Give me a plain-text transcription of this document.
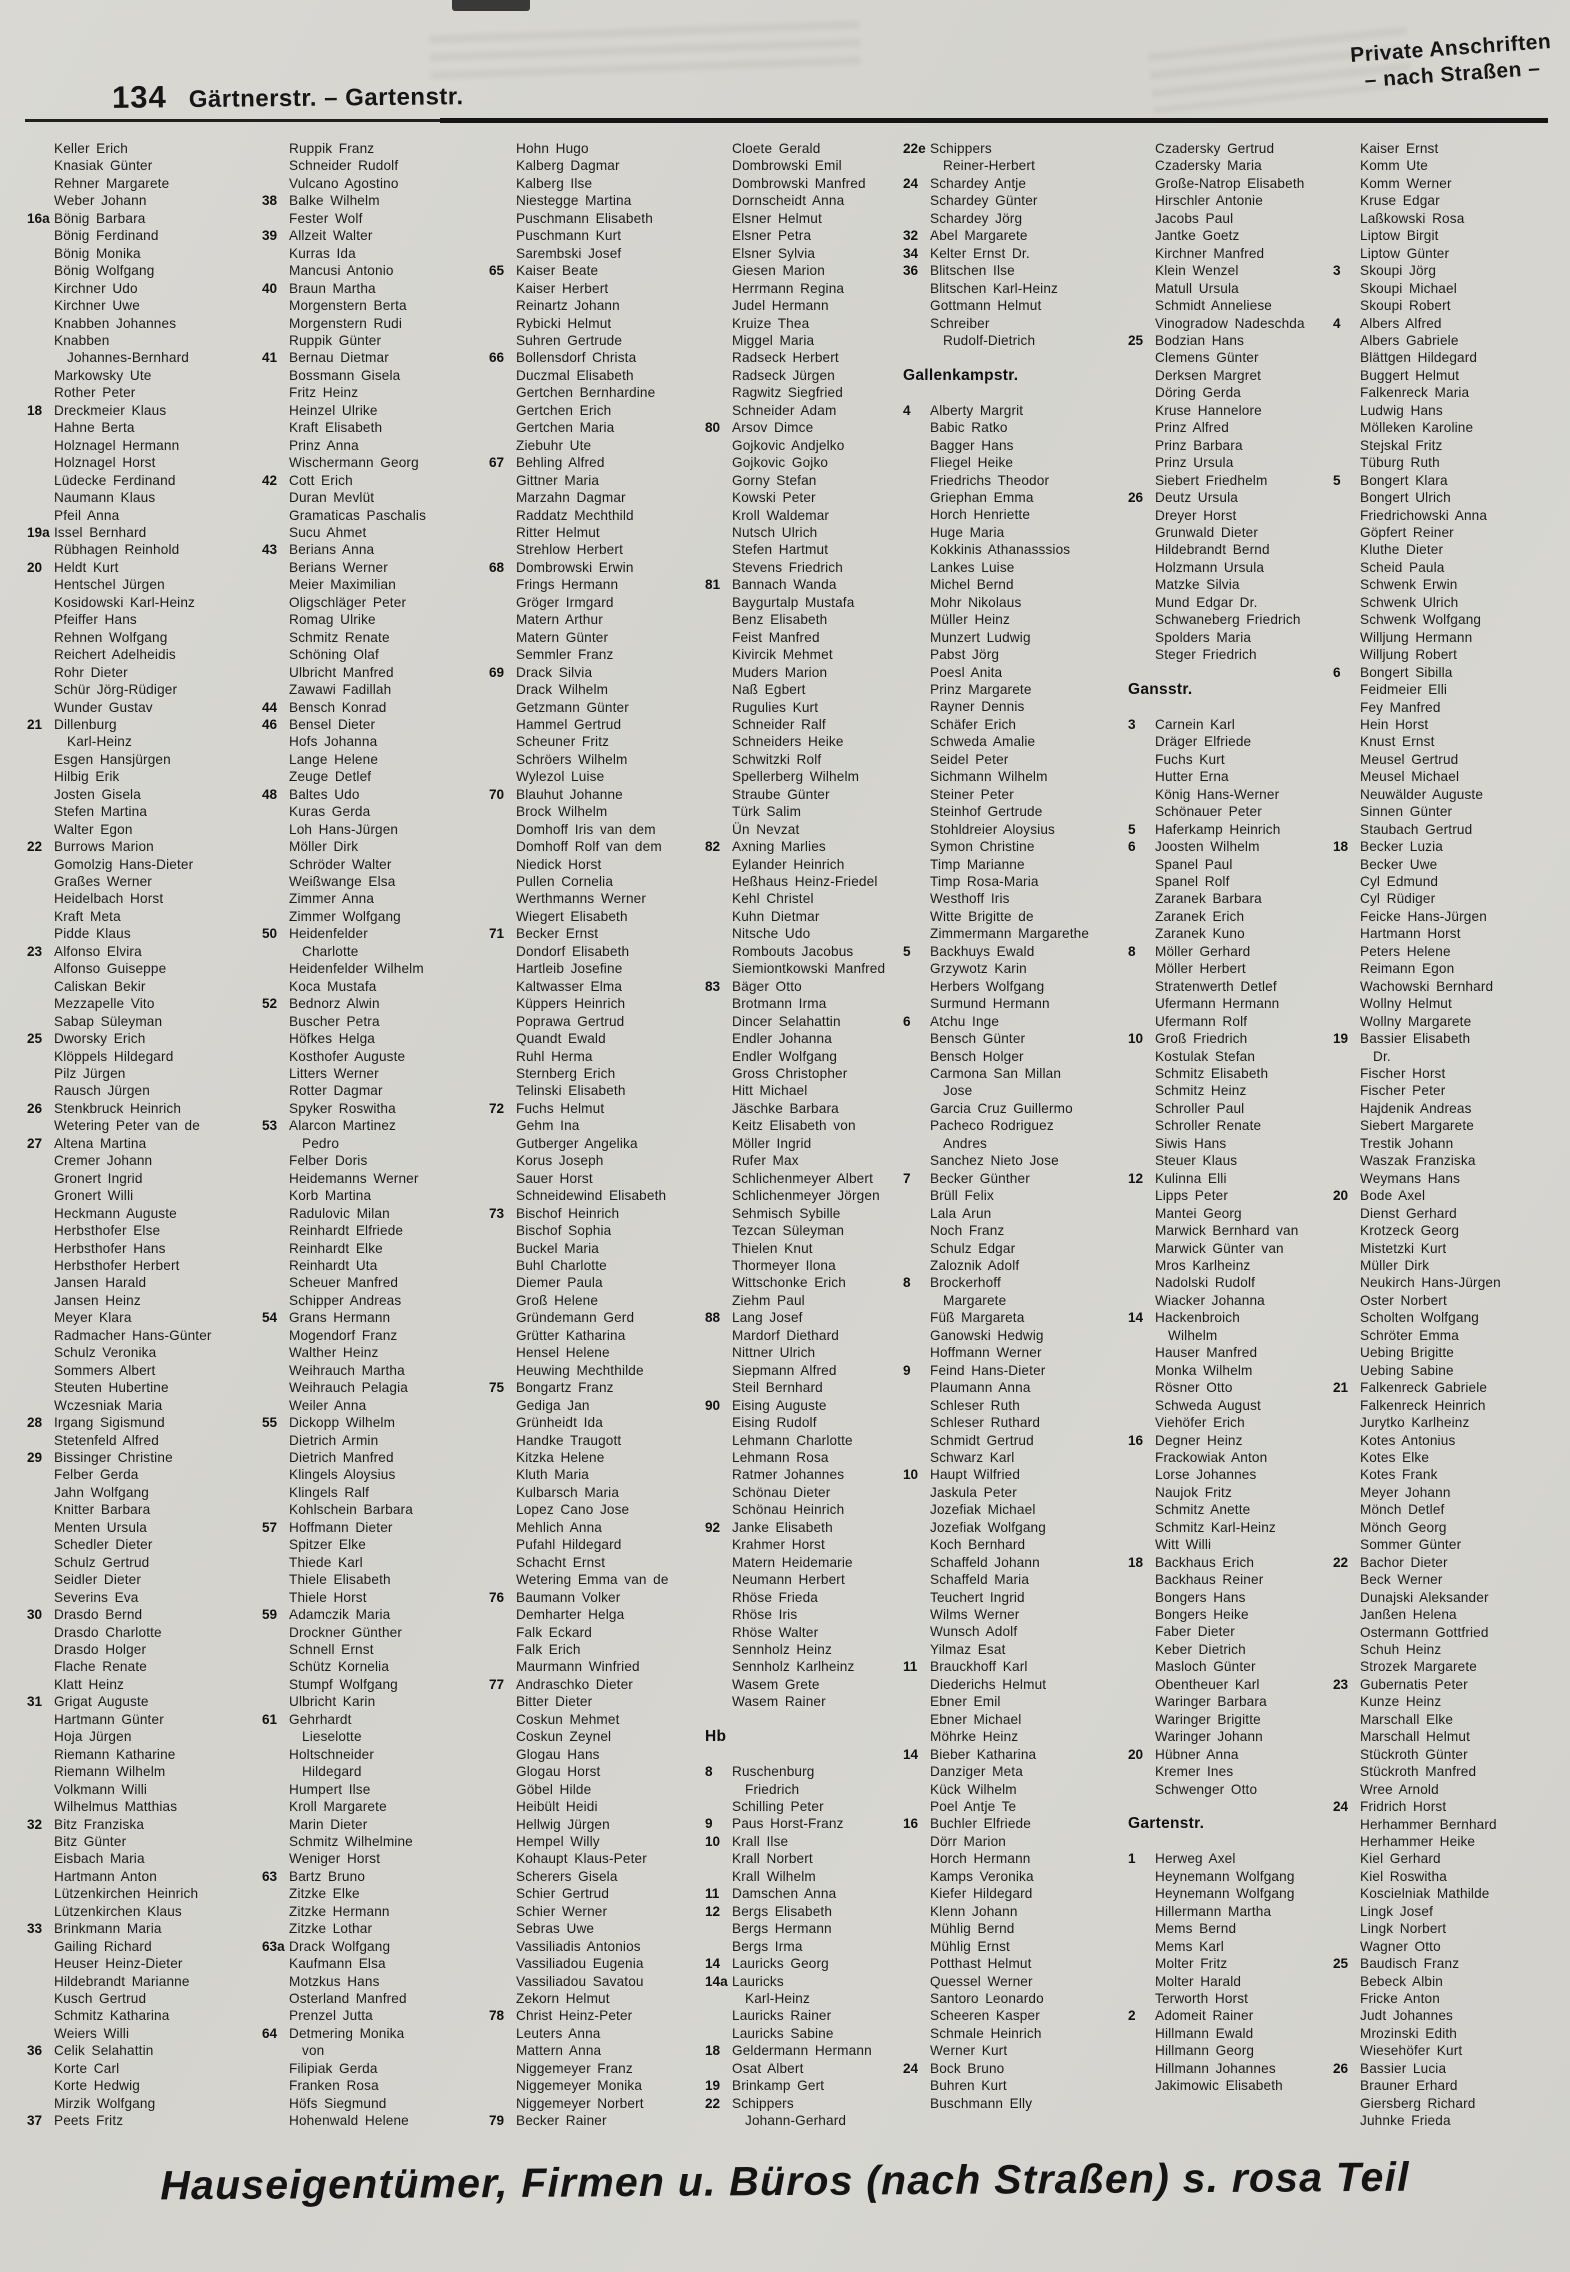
134 Gärtnerstr. – Gartenstr.
Private Anschriften
– nach Straßen –
Keller Erich
Knasiak Günter
Rehner Margarete
Weber Johann
16a Bönig Barbara
Bönig Ferdinand
Bönig Monika
Bönig Wolfgang
Kirchner Udo
Kirchner Uwe
Knabben Johannes
Knabben
Johannes-Bernhard
Markowsky Ute
Rother Peter
18 Dreckmeier Klaus
Hahne Berta
Holznagel Hermann
Holznagel Horst
Lüdecke Ferdinand
Naumann Klaus
Pfeil Anna
19a Issel Bernhard
Rübhagen Reinhold
20 Heldt Kurt
Hentschel Jürgen
Kosidowski Karl-Heinz
Pfeiffer Hans
Rehnen Wolfgang
Reichert Adelheidis
Rohr Dieter
Schür Jörg-Rüdiger
Wunder Gustav
21 Dillenburg
Karl-Heinz
Esgen Hansjürgen
Hilbig Erik
Josten Gisela
Stefen Martina
Walter Egon
22 Burrows Marion
Gomolzig Hans-Dieter
Graßes Werner
Heidelbach Horst
Kraft Meta
Pidde Klaus
23 Alfonso Elvira
Alfonso Guiseppe
Caliskan Bekir
Mezzapelle Vito
Sabap Süleyman
25 Dworsky Erich
Klöppels Hildegard
Pilz Jürgen
Rausch Jürgen
26 Stenkbruck Heinrich
Wetering Peter van de
27 Altena Martina
Cremer Johann
Gronert Ingrid
Gronert Willi
Heckmann Auguste
Herbsthofer Else
Herbsthofer Hans
Herbsthofer Herbert
Jansen Harald
Jansen Heinz
Meyer Klara
Radmacher Hans-Günter
Schulz Veronika
Sommers Albert
Steuten Hubertine
Wczesniak Maria
28 Irgang Sigismund
Stetenfeld Alfred
29 Bissinger Christine
Felber Gerda
Jahn Wolfgang
Knitter Barbara
Menten Ursula
Schedler Dieter
Schulz Gertrud
Seidler Dieter
Severins Eva
30 Drasdo Bernd
Drasdo Charlotte
Drasdo Holger
Flache Renate
Klatt Heinz
31 Grigat Auguste
Hartmann Günter
Hoja Jürgen
Riemann Katharine
Riemann Wilhelm
Volkmann Willi
Wilhelmus Matthias
32 Bitz Franziska
Bitz Günter
Eisbach Maria
Hartmann Anton
Lützenkirchen Heinrich
Lützenkirchen Klaus
33 Brinkmann Maria
Gailing Richard
Heuser Heinz-Dieter
Hildebrandt Marianne
Kusch Gertrud
Schmitz Katharina
Weiers Willi
36 Celik Selahattin
Korte Carl
Korte Hedwig
Mirzik Wolfgang
37 Peets Fritz
Ruppik Franz
Schneider Rudolf
Vulcano Agostino
38 Balke Wilhelm
Fester Wolf
39 Allzeit Walter
Kurras Ida
Mancusi Antonio
40 Braun Martha
Morgenstern Berta
Morgenstern Rudi
Ruppik Günter
41 Bernau Dietmar
Bossmann Gisela
Fritz Heinz
Heinzel Ulrike
Kraft Elisabeth
Prinz Anna
Wischermann Georg
42 Cott Erich
Duran Mevlüt
Gramaticas Paschalis
Sucu Ahmet
43 Berians Anna
Berians Werner
Meier Maximilian
Oligschläger Peter
Romag Ulrike
Schmitz Renate
Schöning Olaf
Ulbricht Manfred
Zawawi Fadillah
44 Bensch Konrad
46 Bensel Dieter
Hofs Johanna
Lange Helene
Zeuge Detlef
48 Baltes Udo
Kuras Gerda
Loh Hans-Jürgen
Möller Dirk
Schröder Walter
Weißwange Elsa
Zimmer Anna
Zimmer Wolfgang
50 Heidenfelder
Charlotte
Heidenfelder Wilhelm
Koca Mustafa
52 Bednorz Alwin
Buscher Petra
Höfkes Helga
Kosthofer Auguste
Litters Werner
Rotter Dagmar
Spyker Roswitha
53 Alarcon Martinez
Pedro
Felber Doris
Heidemanns Werner
Korb Martina
Radulovic Milan
Reinhardt Elfriede
Reinhardt Elke
Reinhardt Uta
Scheuer Manfred
Schipper Andreas
54 Grans Hermann
Mogendorf Franz
Walther Heinz
Weihrauch Martha
Weihrauch Pelagia
Weiler Anna
55 Dickopp Wilhelm
Dietrich Armin
Dietrich Manfred
Klingels Aloysius
Klingels Ralf
Kohlschein Barbara
57 Hoffmann Dieter
Spitzer Elke
Thiede Karl
Thiele Elisabeth
Thiele Horst
59 Adamczik Maria
Drockner Günther
Schnell Ernst
Schütz Kornelia
Stumpf Wolfgang
Ulbricht Karin
61 Gehrhardt
Lieselotte
Holtschneider
Hildegard
Humpert Ilse
Kroll Margarete
Marin Dieter
Schmitz Wilhelmine
Weniger Horst
63 Bartz Bruno
Zitzke Elke
Zitzke Hermann
Zitzke Lothar
63a Drack Wolfgang
Kaufmann Elsa
Motzkus Hans
Osterland Manfred
Prenzel Jutta
64 Detmering Monika
von
Filipiak Gerda
Franken Rosa
Höfs Siegmund
Hohenwald Helene
Hohn Hugo
Kalberg Dagmar
Kalberg Ilse
Niestegge Martina
Puschmann Elisabeth
Puschmann Kurt
Sarembski Josef
65 Kaiser Beate
Kaiser Herbert
Reinartz Johann
Rybicki Helmut
Suhren Gertrude
66 Bollensdorf Christa
Duczmal Elisabeth
Gertchen Bernhardine
Gertchen Erich
Gertchen Maria
Ziebuhr Ute
67 Behling Alfred
Gittner Maria
Marzahn Dagmar
Raddatz Mechthild
Ritter Helmut
Strehlow Herbert
68 Dombrowski Erwin
Frings Hermann
Gröger Irmgard
Matern Arthur
Matern Günter
Semmler Franz
69 Drack Silvia
Drack Wilhelm
Getzmann Günter
Hammel Gertrud
Scheuner Fritz
Schröers Wilhelm
Wylezol Luise
70 Blauhut Johanne
Brock Wilhelm
Domhoff Iris van dem
Domhoff Rolf van dem
Niedick Horst
Pullen Cornelia
Werthmanns Werner
Wiegert Elisabeth
71 Becker Ernst
Dondorf Elisabeth
Hartleib Josefine
Kaltwasser Elma
Küppers Heinrich
Poprawa Gertrud
Quandt Ewald
Ruhl Herma
Sternberg Erich
Telinski Elisabeth
72 Fuchs Helmut
Gehm Ina
Gutberger Angelika
Korus Joseph
Sauer Horst
Schneidewind Elisabeth
73 Bischof Heinrich
Bischof Sophia
Buckel Maria
Buhl Charlotte
Diemer Paula
Groß Helene
Gründemann Gerd
Grütter Katharina
Hensel Helene
Heuwing Mechthilde
75 Bongartz Franz
Gediga Jan
Grünheidt Ida
Handke Traugott
Kitzka Helene
Kluth Maria
Kulbarsch Maria
Lopez Cano Jose
Mehlich Anna
Pufahl Hildegard
Schacht Ernst
Wetering Emma van de
76 Baumann Volker
Demharter Helga
Falk Eckard
Falk Erich
Maurmann Winfried
77 Andraschko Dieter
Bitter Dieter
Coskun Mehmet
Coskun Zeynel
Glogau Hans
Glogau Horst
Göbel Hilde
Heibült Heidi
Hellwig Jürgen
Hempel Willy
Kohaupt Klaus-Peter
Scherers Gisela
Schier Gertrud
Schier Werner
Sebras Uwe
Vassiliadis Antonios
Vassiliadou Eugenia
Vassiliadou Savatou
Zekorn Helmut
78 Christ Heinz-Peter
Leuters Anna
Mattern Anna
Niggemeyer Franz
Niggemeyer Monika
Niggemeyer Norbert
79 Becker Rainer
Cloete Gerald
Dombrowski Emil
Dombrowski Manfred
Dornscheidt Anna
Elsner Helmut
Elsner Petra
Elsner Sylvia
Giesen Marion
Herrmann Regina
Judel Hermann
Kruize Thea
Miggel Maria
Radseck Herbert
Radseck Jürgen
Ragwitz Siegfried
Schneider Adam
80 Arsov Dimce
Gojkovic Andjelko
Gojkovic Gojko
Gorny Stefan
Kowski Peter
Kroll Waldemar
Nutsch Ulrich
Stefen Hartmut
Stevens Friedrich
81 Bannach Wanda
Baygurtalp Mustafa
Benz Elisabeth
Feist Manfred
Kivircik Mehmet
Muders Marion
Naß Egbert
Rugulies Kurt
Schneider Ralf
Schneiders Heike
Schwitzki Rolf
Spellerberg Wilhelm
Straube Günter
Türk Salim
Ün Nevzat
82 Axning Marlies
Eylander Heinrich
Heßhaus Heinz-Friedel
Kehl Christel
Kuhn Dietmar
Nitsche Udo
Rombouts Jacobus
Siemiontkowski Manfred
83 Bäger Otto
Brotmann Irma
Dincer Selahattin
Endler Johanna
Endler Wolfgang
Gross Christopher
Hitt Michael
Jäschke Barbara
Keitz Elisabeth von
Möller Ingrid
Rufer Max
Schlichenmeyer Albert
Schlichenmeyer Jörgen
Sehmisch Sybille
Tezcan Süleyman
Thielen Knut
Thormeyer Ilona
Wittschonke Erich
Ziehm Paul
88 Lang Josef
Mardorf Diethard
Nittner Ulrich
Siepmann Alfred
Steil Bernhard
90 Eising Auguste
Eising Rudolf
Lehmann Charlotte
Lehmann Rosa
Ratmer Johannes
Schönau Dieter
Schönau Heinrich
92 Janke Elisabeth
Krahmer Horst
Matern Heidemarie
Neumann Herbert
Rhöse Frieda
Rhöse Iris
Rhöse Walter
Sennholz Heinz
Sennholz Karlheinz
Wasem Grete
Wasem Rainer
Hb
8 Ruschenburg
Friedrich
Schilling Peter
9 Paus Horst-Franz
10 Krall Ilse
Krall Norbert
Krall Wilhelm
11 Damschen Anna
12 Bergs Elisabeth
Bergs Hermann
Bergs Irma
14 Lauricks Georg
14a Lauricks
Karl-Heinz
Lauricks Rainer
Lauricks Sabine
18 Geldermann Hermann
Osat Albert
19 Brinkamp Gert
22 Schippers
Johann-Gerhard
22e Schippers
Reiner-Herbert
24 Schardey Antje
Schardey Günter
Schardey Jörg
32 Abel Margarete
34 Kelter Ernst Dr.
36 Blitschen Ilse
Blitschen Karl-Heinz
Gottmann Helmut
Schreiber
Rudolf-Dietrich
Gallenkampstr.
4 Alberty Margrit
Babic Ratko
Bagger Hans
Fliegel Heike
Friedrichs Theodor
Griephan Emma
Horch Henriette
Huge Maria
Kokkinis Athanasssios
Lankes Luise
Michel Bernd
Mohr Nikolaus
Müller Heinz
Munzert Ludwig
Pabst Jörg
Poesl Anita
Prinz Margarete
Rayner Dennis
Schäfer Erich
Schweda Amalie
Seidel Peter
Sichmann Wilhelm
Steiner Peter
Steinhof Gertrude
Stohldreier Aloysius
Symon Christine
Timp Marianne
Timp Rosa-Maria
Westhoff Iris
Witte Brigitte de
Zimmermann Margarethe
5 Backhuys Ewald
Grzywotz Karin
Herbers Wolfgang
Surmund Hermann
6 Atchu Inge
Bensch Günter
Bensch Holger
Carmona San Millan
Jose
Garcia Cruz Guillermo
Pacheco Rodriguez
Andres
Sanchez Nieto Jose
7 Becker Günther
Brüll Felix
Lala Arun
Noch Franz
Schulz Edgar
Zaloznik Adolf
8 Brockerhoff
Margarete
Füß Margareta
Ganowski Hedwig
Hoffmann Werner
9 Feind Hans-Dieter
Plaumann Anna
Schleser Ruth
Schleser Ruthard
Schmidt Gertrud
Schwarz Karl
10 Haupt Wilfried
Jaskula Peter
Jozefiak Michael
Jozefiak Wolfgang
Koch Bernhard
Schaffeld Johann
Schaffeld Maria
Teuchert Ingrid
Wilms Werner
Wunsch Adolf
Yilmaz Esat
11 Brauckhoff Karl
Diederichs Helmut
Ebner Emil
Ebner Michael
Möhrke Heinz
14 Bieber Katharina
Danziger Meta
Kück Wilhelm
Poel Antje Te
16 Buchler Elfriede
Dörr Marion
Horch Hermann
Kamps Veronika
Kiefer Hildegard
Klenn Johann
Mühlig Bernd
Mühlig Ernst
Potthast Helmut
Quessel Werner
Santoro Leonardo
Scheeren Kasper
Schmale Heinrich
Werner Kurt
24 Bock Bruno
Buhren Kurt
Buschmann Elly
Czadersky Gertrud
Czadersky Maria
Große-Natrop Elisabeth
Hirschler Antonie
Jacobs Paul
Jantke Goetz
Kirchner Manfred
Klein Wenzel
Matull Ursula
Schmidt Anneliese
Vinogradow Nadeschda
25 Bodzian Hans
Clemens Günter
Derksen Margret
Döring Gerda
Kruse Hannelore
Prinz Alfred
Prinz Barbara
Prinz Ursula
Siebert Friedhelm
26 Deutz Ursula
Dreyer Horst
Grunwald Dieter
Hildebrandt Bernd
Holzmann Ursula
Matzke Silvia
Mund Edgar Dr.
Schwaneberg Friedrich
Spolders Maria
Steger Friedrich
Gansstr.
3 Carnein Karl
Dräger Elfriede
Fuchs Kurt
Hutter Erna
König Hans-Werner
Schönauer Peter
5 Haferkamp Heinrich
6 Joosten Wilhelm
Spanel Paul
Spanel Rolf
Zaranek Barbara
Zaranek Erich
Zaranek Kuno
8 Möller Gerhard
Möller Herbert
Stratenwerth Detlef
Ufermann Hermann
Ufermann Rolf
10 Groß Friedrich
Kostulak Stefan
Schmitz Elisabeth
Schmitz Heinz
Schroller Paul
Schroller Renate
Siwis Hans
Steuer Klaus
12 Kulinna Elli
Lipps Peter
Mantei Georg
Marwick Bernhard van
Marwick Günter van
Mros Karlheinz
Nadolski Rudolf
Wiacker Johanna
14 Hackenbroich
Wilhelm
Hauser Manfred
Monka Wilhelm
Rösner Otto
Schweda August
Viehöfer Erich
16 Degner Heinz
Frackowiak Anton
Lorse Johannes
Naujok Fritz
Schmitz Anette
Schmitz Karl-Heinz
Witt Willi
18 Backhaus Erich
Backhaus Reiner
Bongers Hans
Bongers Heike
Faber Dieter
Keber Dietrich
Masloch Günter
Obentheuer Karl
Waringer Barbara
Waringer Brigitte
Waringer Johann
20 Hübner Anna
Kremer Ines
Schwenger Otto
Gartenstr.
1 Herweg Axel
Heynemann Wolfgang
Heynemann Wolfgang
Hillermann Martha
Mems Bernd
Mems Karl
Molter Fritz
Molter Harald
Terworth Horst
2 Adomeit Rainer
Hillmann Ewald
Hillmann Georg
Hillmann Johannes
Jakimowic Elisabeth
Kaiser Ernst
Komm Ute
Komm Werner
Kruse Edgar
Laßkowski Rosa
Liptow Birgit
Liptow Günter
3 Skoupi Jörg
Skoupi Michael
Skoupi Robert
4 Albers Alfred
Albers Gabriele
Blättgen Hildegard
Buggert Helmut
Falkenreck Maria
Ludwig Hans
Mölleken Karoline
Stejskal Fritz
Tüburg Ruth
5 Bongert Klara
Bongert Ulrich
Friedrichowski Anna
Göpfert Reiner
Kluthe Dieter
Scheid Paula
Schwenk Erwin
Schwenk Ulrich
Schwenk Wolfgang
Willjung Hermann
Willjung Robert
6 Bongert Sibilla
Feidmeier Elli
Fey Manfred
Hein Horst
Knust Ernst
Meusel Gertrud
Meusel Michael
Neuwälder Auguste
Sinnen Günter
Staubach Gertrud
18 Becker Luzia
Becker Uwe
Cyl Edmund
Cyl Rüdiger
Feicke Hans-Jürgen
Hartmann Horst
Peters Helene
Reimann Egon
Wachowski Bernhard
Wollny Helmut
Wollny Margarete
19 Bassier Elisabeth
Dr.
Fischer Horst
Fischer Peter
Hajdenik Andreas
Siebert Margarete
Trestik Johann
Waszak Franziska
Weymans Hans
20 Bode Axel
Dienst Gerhard
Krotzeck Georg
Mistetzki Kurt
Müller Dirk
Neukirch Hans-Jürgen
Oster Norbert
Scholten Wolfgang
Schröter Emma
Uebing Brigitte
Uebing Sabine
21 Falkenreck Gabriele
Falkenreck Heinrich
Jurytko Karlheinz
Kotes Antonius
Kotes Elke
Kotes Frank
Meyer Johann
Mönch Detlef
Mönch Georg
Sommer Günter
22 Bachor Dieter
Beck Werner
Dunajski Aleksander
Janßen Helena
Ostermann Gottfried
Schuh Heinz
Strozek Margarete
23 Gubernatis Peter
Kunze Heinz
Marschall Elke
Marschall Helmut
Stückroth Günter
Stückroth Manfred
Wree Arnold
24 Fridrich Horst
Herhammer Bernhard
Herhammer Heike
Kiel Gerhard
Kiel Roswitha
Koscielniak Mathilde
Lingk Josef
Lingk Norbert
Wagner Otto
25 Baudisch Franz
Bebeck Albin
Fricke Anton
Judt Johannes
Mrozinski Edith
Wiesehöfer Kurt
26 Bassier Lucia
Brauner Erhard
Giersberg Richard
Juhnke Frieda
Hauseigentümer, Firmen u. Büros (nach Straßen) s. rosa Teil
